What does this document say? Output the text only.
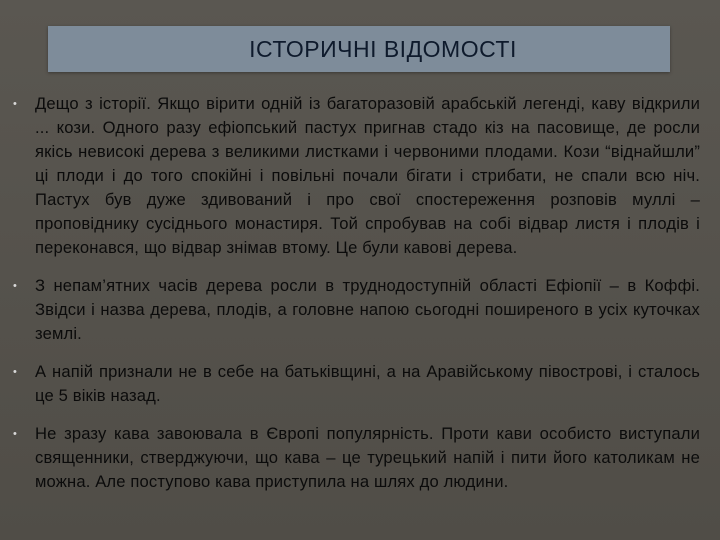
ІСТОРИЧНІ ВІДОМОСТІ
•	Дещо з історії. Якщо вірити одній із багаторазовій арабській легенді, каву відкрили ... кози. Одного разу ефіопський пастух пригнав стадо кіз на пасовище, де росли якісь невисокі дерева з великими листками і червоними плодами. Кози “віднайшли” ці плоди і до того спокійні і повільні почали бігати і стрибати, не спали всю ніч. Пастух був дуже здивований і про свої спостереження розповів муллі – проповіднику сусіднього монастиря. Той спробував на собі відвар листя і плодів і переконався, що відвар знімав втому. Це були кавові дерева.
•	З непам’ятних часів дерева росли в труднодоступній області Ефіопії – в Коффі. Звідси і назва дерева, плодів, а головне напою сьогодні поширеного в усіх куточках землі.
•	А напій признали не в себе на батьківщині, а на Аравійському півострові, і сталось це 5 віків назад.
•	Не зразу кава завоювала в Європі популярність. Проти кави особисто виступали священники, стверджуючи, що кава – це турецький напій і пити його католикам не можна. Але поступово кава приступила на шлях до людини.
